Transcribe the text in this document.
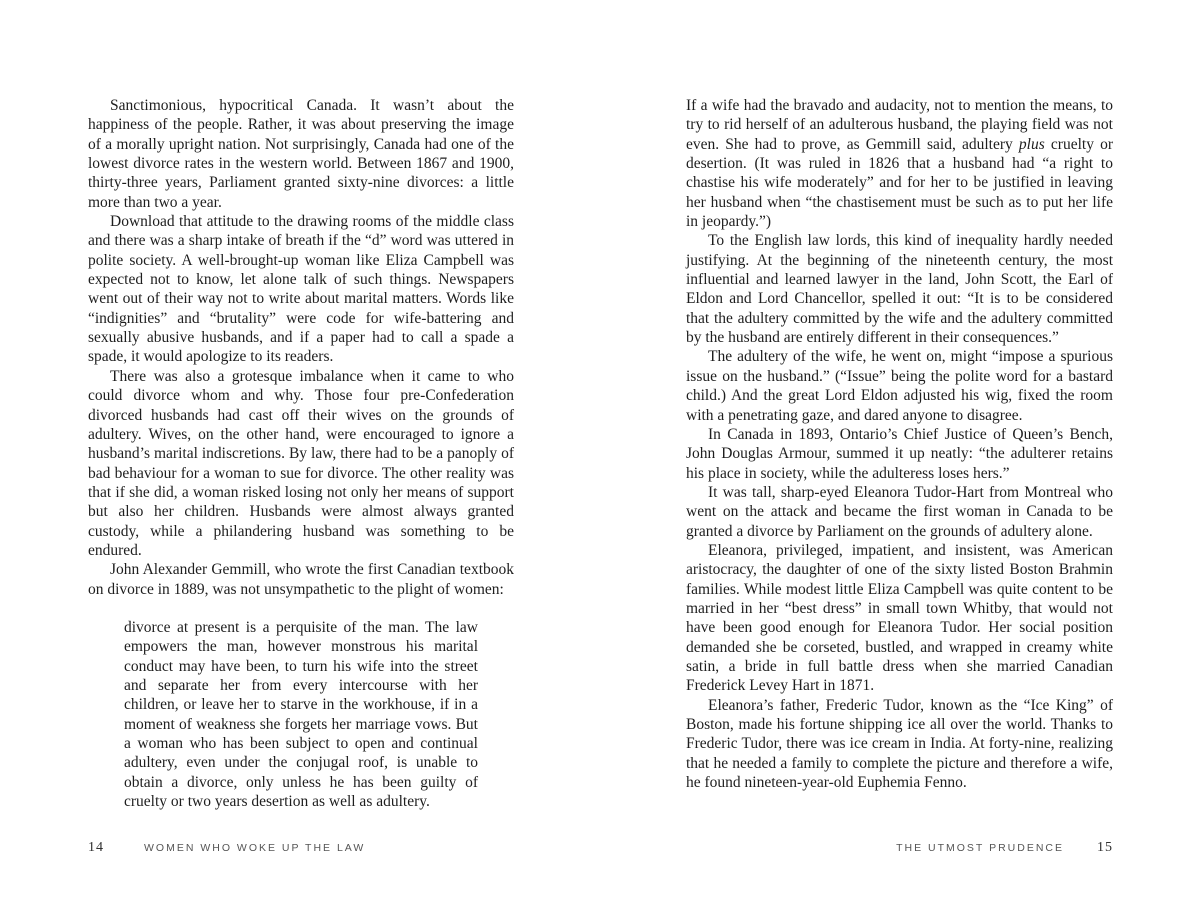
Sanctimonious, hypocritical Canada. It wasn’t about the happiness of the people. Rather, it was about preserving the image of a morally upright nation. Not surprisingly, Canada had one of the lowest divorce rates in the western world. Between 1867 and 1900, thirty-three years, Parliament granted sixty-nine divorces: a little more than two a year.

Download that attitude to the drawing rooms of the middle class and there was a sharp intake of breath if the “d” word was uttered in polite society. A well-brought-up woman like Eliza Campbell was expected not to know, let alone talk of such things. Newspapers went out of their way not to write about marital matters. Words like “indignities” and “brutality” were code for wife-battering and sexually abusive husbands, and if a paper had to call a spade a spade, it would apologize to its readers.

There was also a grotesque imbalance when it came to who could divorce whom and why. Those four pre-Confederation divorced husbands had cast off their wives on the grounds of adultery. Wives, on the other hand, were encouraged to ignore a husband’s marital indiscretions. By law, there had to be a panoply of bad behaviour for a woman to sue for divorce. The other reality was that if she did, a woman risked losing not only her means of support but also her children. Husbands were almost always granted custody, while a philandering husband was something to be endured.

John Alexander Gemmill, who wrote the first Canadian textbook on divorce in 1889, was not unsympathetic to the plight of women:

divorce at present is a perquisite of the man. The law empowers the man, however monstrous his marital conduct may have been, to turn his wife into the street and separate her from every intercourse with her children, or leave her to starve in the workhouse, if in a moment of weakness she forgets her marriage vows. But a woman who has been subject to open and continual adultery, even under the conjugal roof, is unable to obtain a divorce, only unless he has been guilty of cruelty or two years desertion as well as adultery.

14	WOMEN WHO WOKE UP THE LAW

If a wife had the bravado and audacity, not to mention the means, to try to rid herself of an adulterous husband, the playing field was not even. She had to prove, as Gemmill said, adultery plus cruelty or desertion. (It was ruled in 1826 that a husband had “a right to chastise his wife moderately” and for her to be justified in leaving her husband when “the chastisement must be such as to put her life in jeopardy.”)

To the English law lords, this kind of inequality hardly needed justifying. At the beginning of the nineteenth century, the most influential and learned lawyer in the land, John Scott, the Earl of Eldon and Lord Chancellor, spelled it out: “It is to be considered that the adultery committed by the wife and the adultery committed by the husband are entirely different in their consequences.”

The adultery of the wife, he went on, might “impose a spurious issue on the husband.” (“Issue” being the polite word for a bastard child.) And the great Lord Eldon adjusted his wig, fixed the room with a penetrating gaze, and dared anyone to disagree.

In Canada in 1893, Ontario’s Chief Justice of Queen’s Bench, John Douglas Armour, summed it up neatly: “the adulterer retains his place in society, while the adulteress loses hers.”

It was tall, sharp-eyed Eleanora Tudor-Hart from Montreal who went on the attack and became the first woman in Canada to be granted a divorce by Parliament on the grounds of adultery alone.

Eleanora, privileged, impatient, and insistent, was American aristocracy, the daughter of one of the sixty listed Boston Brahmin families. While modest little Eliza Campbell was quite content to be married in her “best dress” in small town Whitby, that would not have been good enough for Eleanora Tudor. Her social position demanded she be corseted, bustled, and wrapped in creamy white satin, a bride in full battle dress when she married Canadian Frederick Levey Hart in 1871.

Eleanora’s father, Frederic Tudor, known as the “Ice King” of Boston, made his fortune shipping ice all over the world. Thanks to Frederic Tudor, there was ice cream in India. At forty-nine, realizing that he needed a family to complete the picture and therefore a wife, he found nineteen-year-old Euphemia Fenno.

THE UTMOST PRUDENCE 15
